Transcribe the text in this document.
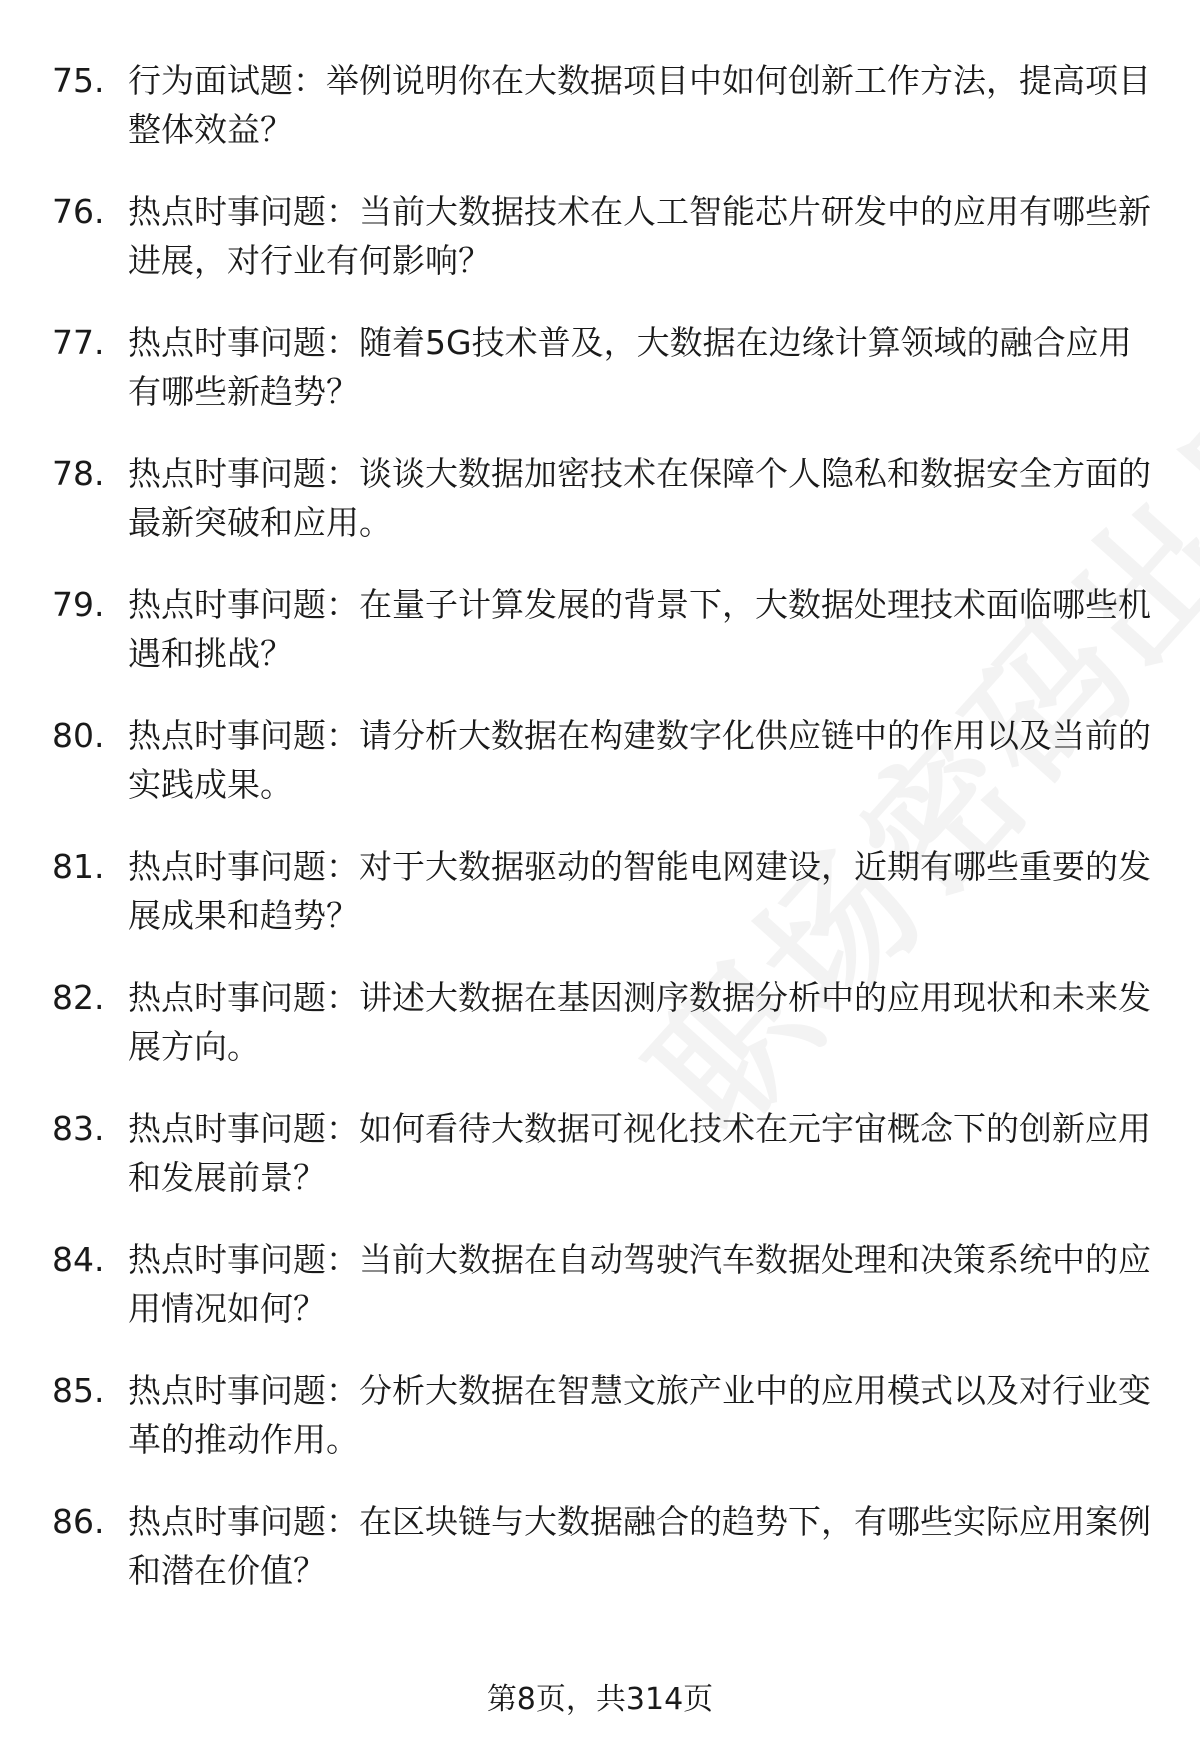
75. 行为面试题：举例说明你在大数据项目中如何创新工作方法，提高项目整体效益？
76. 热点时事问题：当前大数据技术在人工智能芯片研发中的应用有哪些新进展，对行业有何影响？
77. 热点时事问题：随着5G技术普及，大数据在边缘计算领域的融合应用有哪些新趋势？
78. 热点时事问题：谈谈大数据加密技术在保障个人隐私和数据安全方面的最新突破和应用。
79. 热点时事问题：在量子计算发展的背景下，大数据处理技术面临哪些机遇和挑战？
80. 热点时事问题：请分析大数据在构建数字化供应链中的作用以及当前的实践成果。
81. 热点时事问题：对于大数据驱动的智能电网建设，近期有哪些重要的发展成果和趋势？
82. 热点时事问题：讲述大数据在基因测序数据分析中的应用现状和未来发展方向。
83. 热点时事问题：如何看待大数据可视化技术在元宇宙概念下的创新应用和发展前景？
84. 热点时事问题：当前大数据在自动驾驶汽车数据处理和决策系统中的应用情况如何？
85. 热点时事问题：分析大数据在智慧文旅产业中的应用模式以及对行业变革的推动作用。
86. 热点时事问题：在区块链与大数据融合的趋势下，有哪些实际应用案例和潜在价值？
第8页，共314页
